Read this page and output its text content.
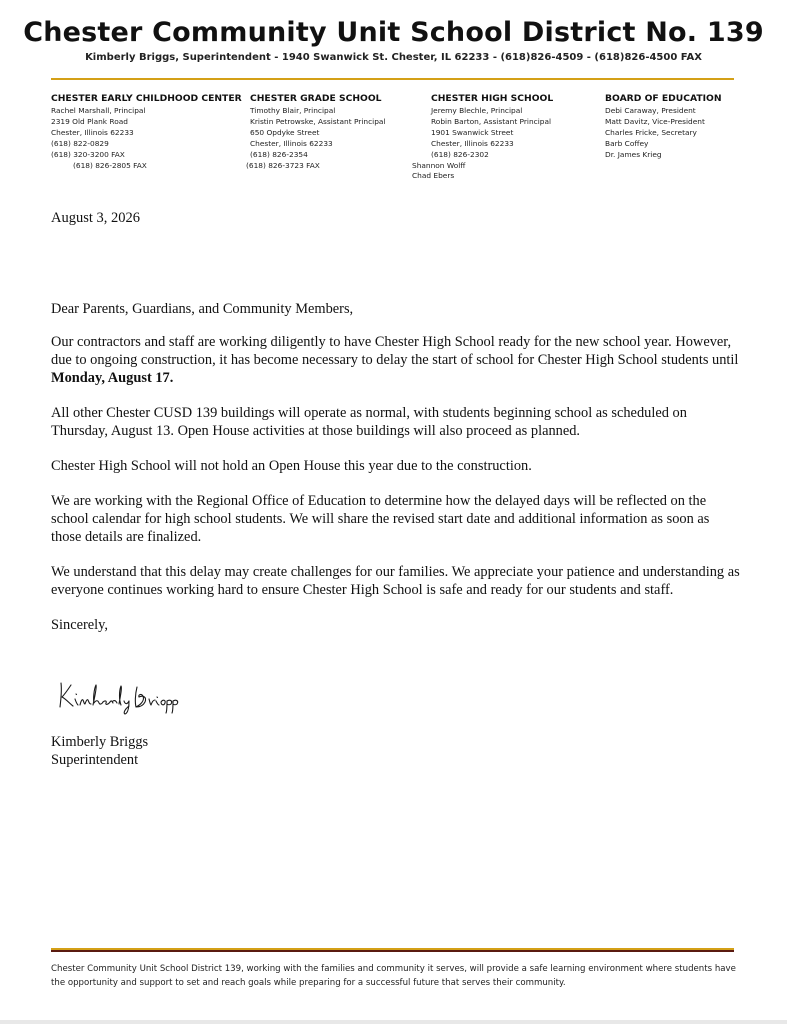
Chester Community Unit School District No. 139
Kimberly Briggs, Superintendent - 1940 Swanwick St. Chester, IL 62233 - (618)826-4509 - (618)826-4500 FAX
CHESTER EARLY CHILDHOOD CENTER
Rachel Marshall, Principal
2319 Old Plank Road
Chester, Illinois 62233
(618) 822-0829
(618) 320-3200 FAX
(618) 826-2805 FAX
CHESTER GRADE SCHOOL
Timothy Blair, Principal
Kristin Petrowske, Assistant Principal
650 Opdyke Street
Chester, Illinois 62233
(618) 826-2354
(618) 826-3723 FAX
CHESTER HIGH SCHOOL
Jeremy Blechle, Principal
Robin Barton, Assistant Principal
1901 Swanwick Street
Chester, Illinois 62233
(618) 826-2302
Shannon Wolff
Chad Ebers
BOARD OF EDUCATION
Debi Caraway, President
Matt Davitz, Vice-President
Charles Fricke, Secretary
Barb Coffey
Dr. James Krieg
August 3, 2026

Dear Parents, Guardians, and Community Members,

Our contractors and staff are working diligently to have Chester High School ready for the new school year. However, due to ongoing construction, it has become necessary to delay the start of school for Chester High School students until Monday, August 17.

All other Chester CUSD 139 buildings will operate as normal, with students beginning school as scheduled on Thursday, August 13. Open House activities at those buildings will also proceed as planned.

Chester High School will not hold an Open House this year due to the construction.

We are working with the Regional Office of Education to determine how the delayed days will be reflected on the school calendar for high school students. We will share the revised start date and additional information as soon as those details are finalized.

We understand that this delay may create challenges for our families. We appreciate your patience and understanding as everyone continues working hard to ensure Chester High School is safe and ready for our students and staff.

Sincerely,

Kimberly Briggs
Superintendent
Chester Community Unit School District 139, working with the families and community it serves, will provide a safe learning environment where students have the opportunity and support to set and reach goals while preparing for a successful future that serves their community.
